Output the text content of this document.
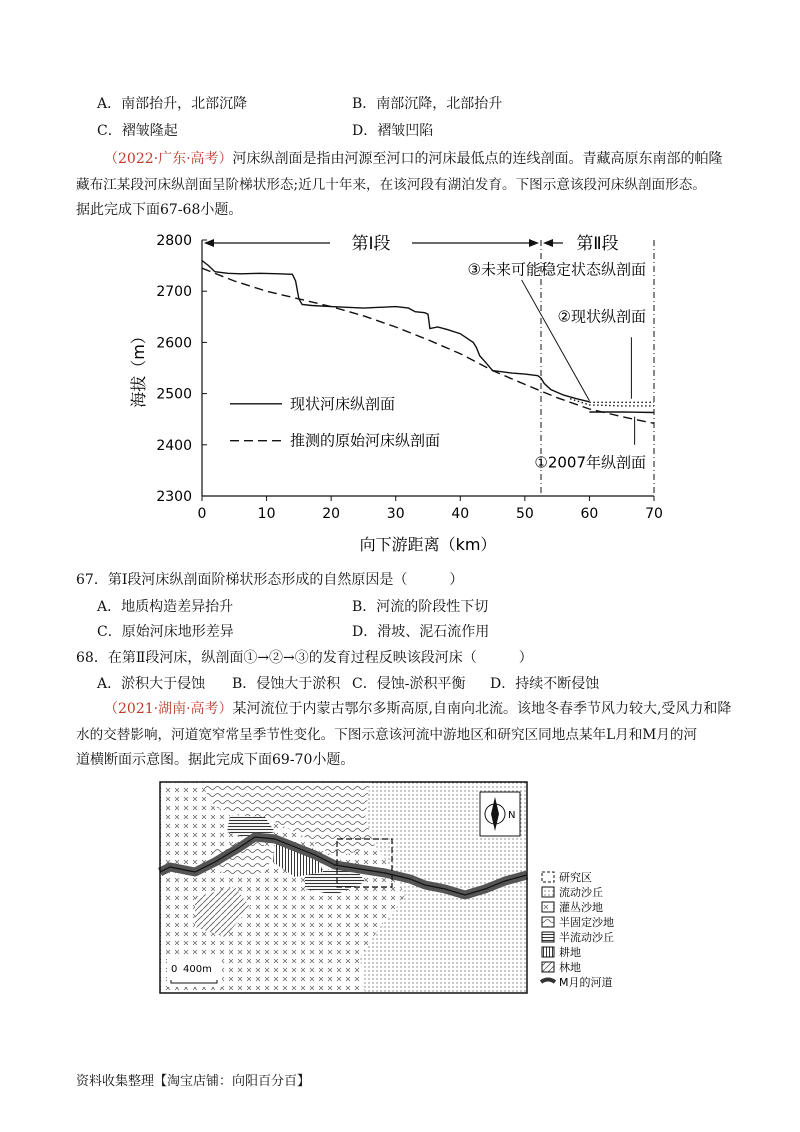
A．南部抬升，北部沉降	B．南部沉降，北部抬升
C．褶皱隆起	D．褶皱凹陷
（2022·广东·高考）河床纵剖面是指由河源至河口的河床最低点的连线剖面。青藏高原东南部的帕隆
藏布江某段河床纵剖面呈阶梯状形态;近几十年来，在该河段有湖泊发育。下图示意该段河床纵剖面形态。
据此完成下面67-68小题。
0	10	20	30	40	50	60	70
2300
2400
2500
2600
2700
2800
向下游距离（km）
海拔（m）
第Ⅰ段	第Ⅱ段
③未来可能稳定状态纵剖面
②现状纵剖面
①2007年纵剖面
现状河床纵剖面
推测的原始河床纵剖面
67．第Ⅰ段河床纵剖面阶梯状形态形成的自然原因是（　　　）
A．地质构造差异抬升	B．河流的阶段性下切
C．原始河床地形差异	D．滑坡、泥石流作用
68．在第Ⅱ段河床，纵剖面①→②→③的发育过程反映该段河床（　　　）
A．淤积大于侵蚀 B．侵蚀大于淤积 C．侵蚀-淤积平衡 D．持续不断侵蚀
（2021·湖南·高考）某河流位于内蒙古鄂尔多斯高原,自南向北流。该地冬春季节风力较大,受风力和降
水的交替影响，河道宽窄常呈季节性变化。下图示意该河流中游地区和研究区同地点某年L月和M月的河
道横断面示意图。据此完成下面69-70小题。
N
0 400m
研究区
流动沙丘
灌丛沙地
半固定沙地
半流动沙丘
耕地
林地
M月的河道
资料收集整理【淘宝店铺：向阳百分百】
